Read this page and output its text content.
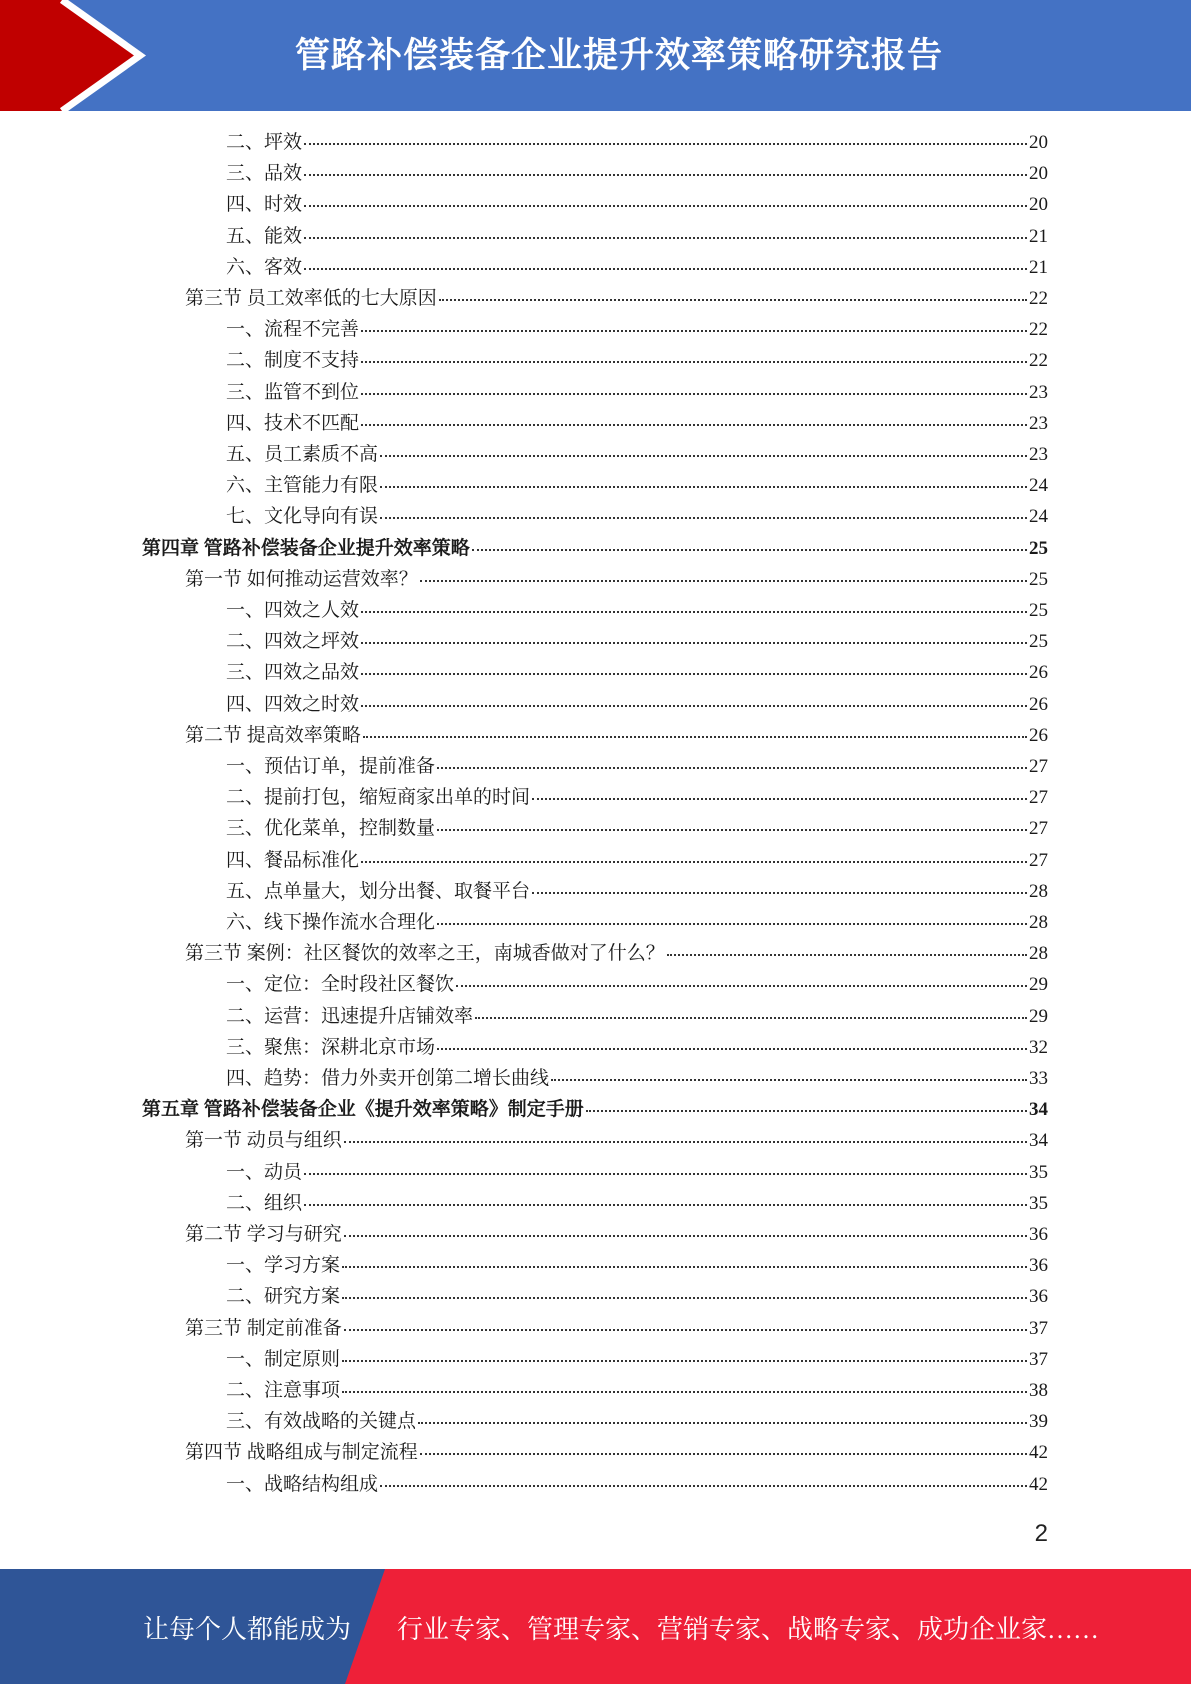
管路补偿装备企业提升效率策略研究报告
二、坪效	20
三、品效	20
四、时效	20
五、能效	21
六、客效	21
第三节 员工效率低的七大原因	22
一、流程不完善	22
二、制度不支持	22
三、监管不到位	23
四、技术不匹配	23
五、员工素质不高	23
六、主管能力有限	24
七、文化导向有误	24
第四章 管路补偿装备企业提升效率策略	25
第一节 如何推动运营效率？	25
一、四效之人效	25
二、四效之坪效	25
三、四效之品效	26
四、四效之时效	26
第二节 提高效率策略	26
一、预估订单，提前准备	27
二、提前打包，缩短商家出单的时间	27
三、优化菜单，控制数量	27
四、餐品标准化	27
五、点单量大，划分出餐、取餐平台	28
六、线下操作流水合理化	28
第三节 案例：社区餐饮的效率之王，南城香做对了什么？	28
一、定位：全时段社区餐饮	29
二、运营：迅速提升店铺效率	29
三、聚焦：深耕北京市场	32
四、趋势：借力外卖开创第二增长曲线	33
第五章 管路补偿装备企业《提升效率策略》制定手册	34
第一节 动员与组织	34
一、动员	35
二、组织	35
第二节 学习与研究	36
一、学习方案	36
二、研究方案	36
第三节 制定前准备	37
一、制定原则	37
二、注意事项	38
三、有效战略的关键点	39
第四节 战略组成与制定流程	42
一、战略结构组成	42
2
让每个人都能成为 行业专家、管理专家、营销专家、战略专家、成功企业家……
